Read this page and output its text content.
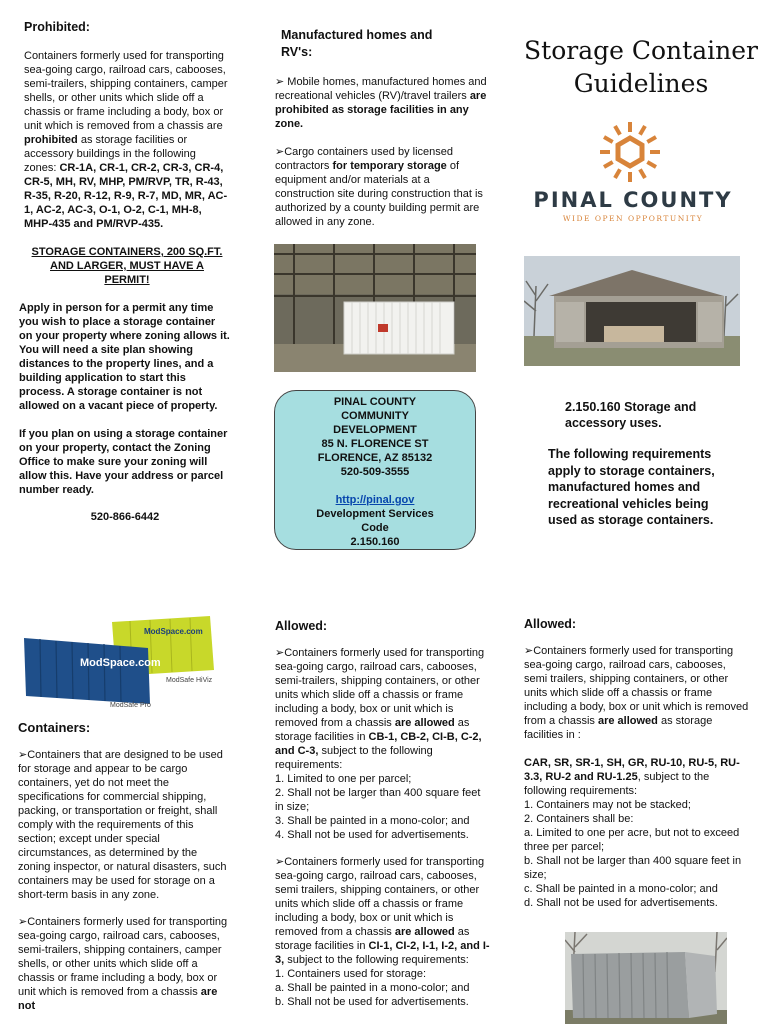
Prohibited:

Containers formerly used for transporting sea-going cargo, railroad cars, cabooses, semi-trailers, shipping containers, camper shells, or other units which slide off a chassis or frame including a body, box or unit which is removed from a chassis are prohibited as storage facilities or accessory buildings in the following zones: CR-1A, CR-1, CR-2, CR-3, CR-4, CR-5, MH, RV, MHP, PM/RVP, TR, R-43, R-35, R-20, R-12, R-9, R-7, MD, MR, AC-1, AC-2, AC-3, O-1, O-2, C-1, MH-8, MHP-435 and PM/RVP-435.

STORAGE CONTAINERS, 200 SQ.FT. AND LARGER, MUST HAVE A PERMIT!

Apply in person for a permit any time you wish to place a storage container on your property where zoning allows it. You will need a site plan showing distances to the property lines, and a building application to start this process. A storage container is not allowed on a vacant piece of property.

If you plan on using a storage container on your property, contact the Zoning Office to make sure your zoning will allow this. Have your address or parcel number ready.

520-866-6442
Manufactured homes and RV's:

➢ Mobile homes, manufactured homes and recreational vehicles (RV)/travel trailers are prohibited as storage facilities in any zone.

➢Cargo containers used by licensed contractors for temporary storage of equipment and/or materials at a construction site during construction that is authorized by a county building permit are allowed in any zone.

PINAL COUNTY
COMMUNITY
DEVELOPMENT
85 N. FLORENCE ST
FLORENCE, AZ 85132
520-509-3555
http://pinal.gov
Development Services
Code
2.150.160
Storage Container
Guidelines
PINAL COUNTY
WIDE OPEN OPPORTUNITY
2.150.160 Storage and accessory uses.
The following requirements apply to storage containers, manufactured homes and recreational vehicles being used as storage containers.
ModSpace.com
ModSpace.com
ModSafe HiViz
ModSafe Pro
Containers:

➢Containers that are designed to be used for storage and appear to be cargo containers, yet do not meet the specifications for commercial shipping, packing, or transportation or freight, shall comply with the requirements of this section; except under special circumstances, as determined by the zoning inspector, or natural disasters, such containers may be used for storage on a short-term basis in any zone.

➢Containers formerly used for transporting sea-going cargo, railroad cars, cabooses, semi-trailers, shipping containers, camper shells, or other units which slide off a chassis or frame including a body, box or unit which is removed from a chassis are not

Allowed:

➢Containers formerly used for transporting sea-going cargo, railroad cars, cabooses, semi-trailers, shipping containers, or other units which slide off a chassis or frame including a body, box or unit which is removed from a chassis are allowed as storage facilities in CB-1, CB-2, CI-B, C-2, and C-3, subject to the following requirements:

1. Limited to one per parcel;
2. Shall not be larger than 400 square feet in size;
3. Shall be painted in a mono-color; and
4. Shall not be used for advertisements.

➢Containers formerly used for transporting sea-going cargo, railroad cars, cabooses, semi trailers, shipping containers, or other units which slide off a chassis or frame including a body, box or unit which is removed from a chassis are allowed as storage facilities in CI-1, CI-2, I-1, I-2, and I-3, subject to the following requirements:

1. Containers used for storage:
a. Shall be painted in a mono-color; and
b. Shall not be used for advertisements.
Allowed:

➢Containers formerly used for transporting sea-going cargo, railroad cars, cabooses, semi trailers, shipping containers, or other units which slide off a chassis or frame including a body, box or unit which is removed from a chassis are allowed as storage facilities in :

CAR, SR, SR-1, SH, GR, RU-10, RU-5, RU-3.3, RU-2 and RU-1.25, subject to the following requirements:

1. Containers may not be stacked;
2. Containers shall be:
a. Limited to one per acre, but not to exceed three per parcel;
b. Shall not be larger than 400 square feet in size;
c. Shall be painted in a mono-color; and
d. Shall not be used for advertisements.
